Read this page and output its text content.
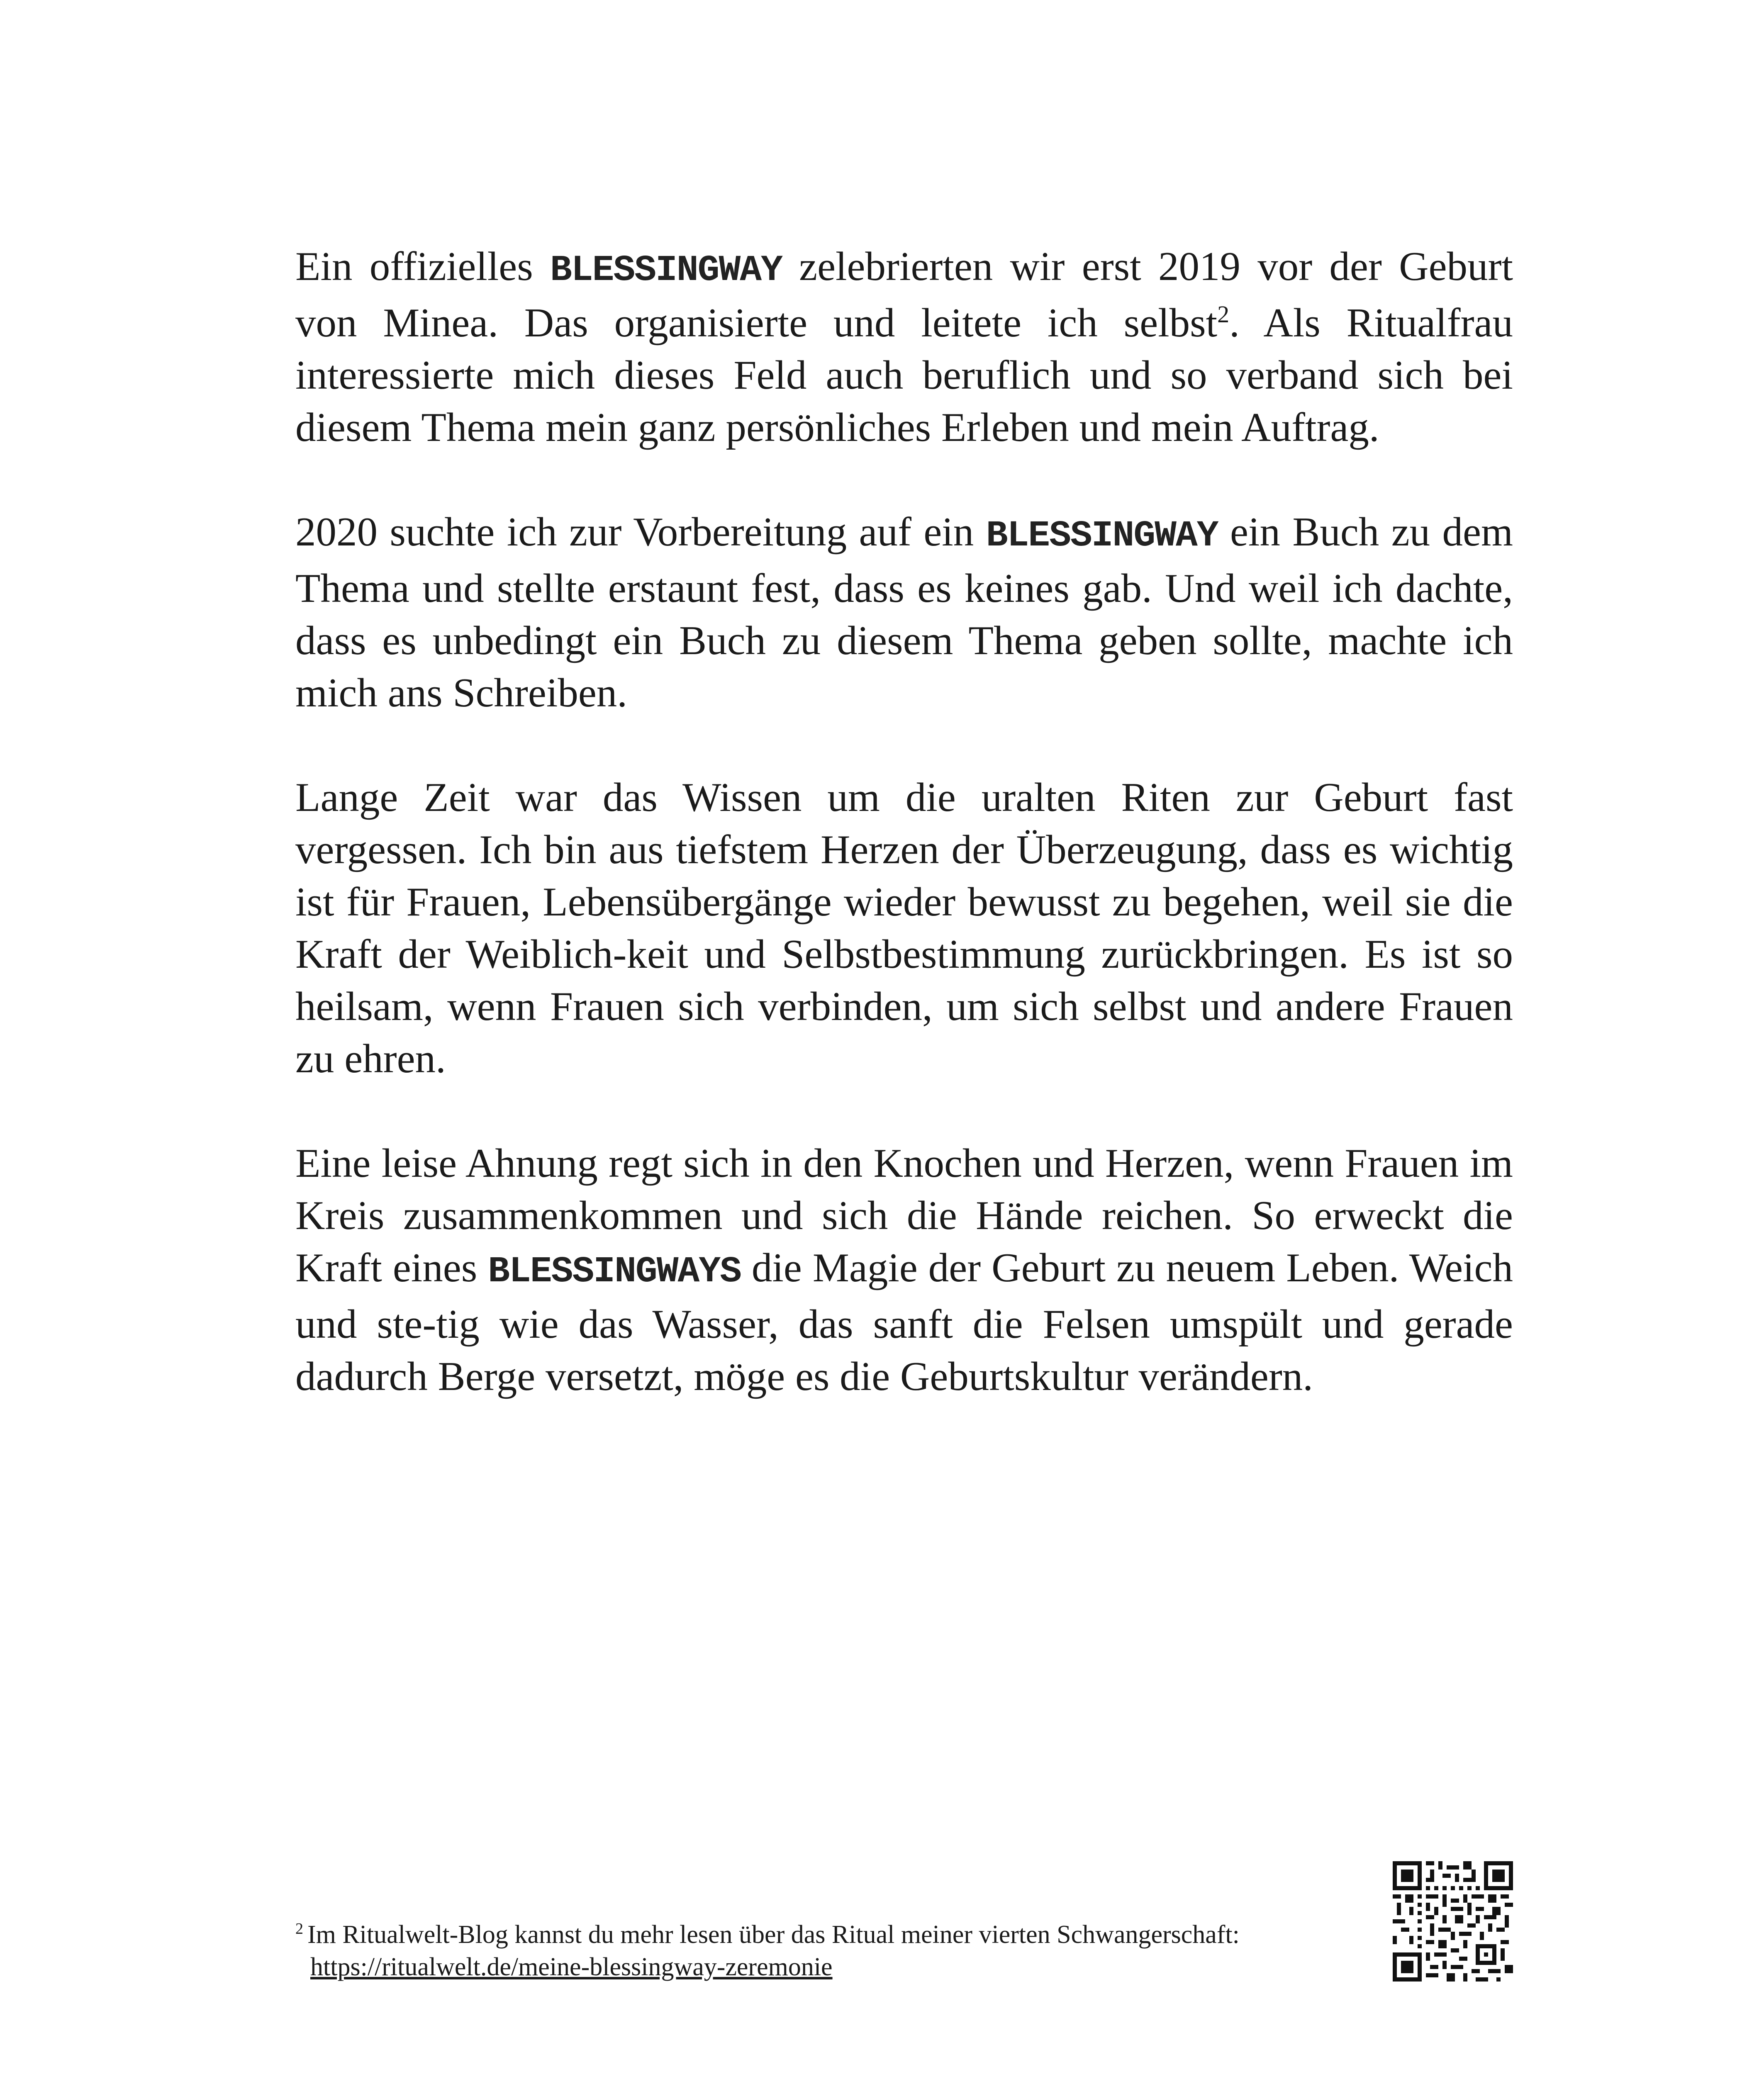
Ein offizielles BLESSINGWAY zelebrierten wir erst 2019 vor der Geburt von Minea. Das organisierte und leitete ich selbst$^2$. Als Ritualfrau interessierte mich dieses Feld auch beruflich und so verband sich bei diesem Thema mein ganz persönliches Erleben und mein Auftrag.

2020 suchte ich zur Vorbereitung auf ein BLESSINGWAY ein Buch zu dem Thema und stellte erstaunt fest, dass es keines gab. Und weil ich dachte, dass es unbedingt ein Buch zu diesem Thema geben sollte, machte ich mich ans Schreiben.

Lange Zeit war das Wissen um die uralten Riten zur Geburt fast vergessen. Ich bin aus tiefstem Herzen der Überzeugung, dass es wichtig ist für Frauen, Lebensübergänge wieder bewusst zu begehen, weil sie die Kraft der Weiblich-keit und Selbstbestimmung zurückbringen. Es ist so heilsam, wenn Frauen sich verbinden, um sich selbst und andere Frauen zu ehren.

Eine leise Ahnung regt sich in den Knochen und Herzen, wenn Frauen im Kreis zusammenkommen und sich die Hände reichen. So erweckt die Kraft eines BLESSINGWAYS die Magie der Geburt zu neuem Leben. Weich und ste-tig wie das Wasser, das sanft die Felsen umspült und gerade dadurch Berge versetzt, möge es die Geburtskultur verändern.

$^2$ Im Ritualwelt-Blog kannst du mehr lesen über das Ritual meiner vierten Schwangerschaft:
https://ritualwelt.de/meine-blessingway-zeremonie
